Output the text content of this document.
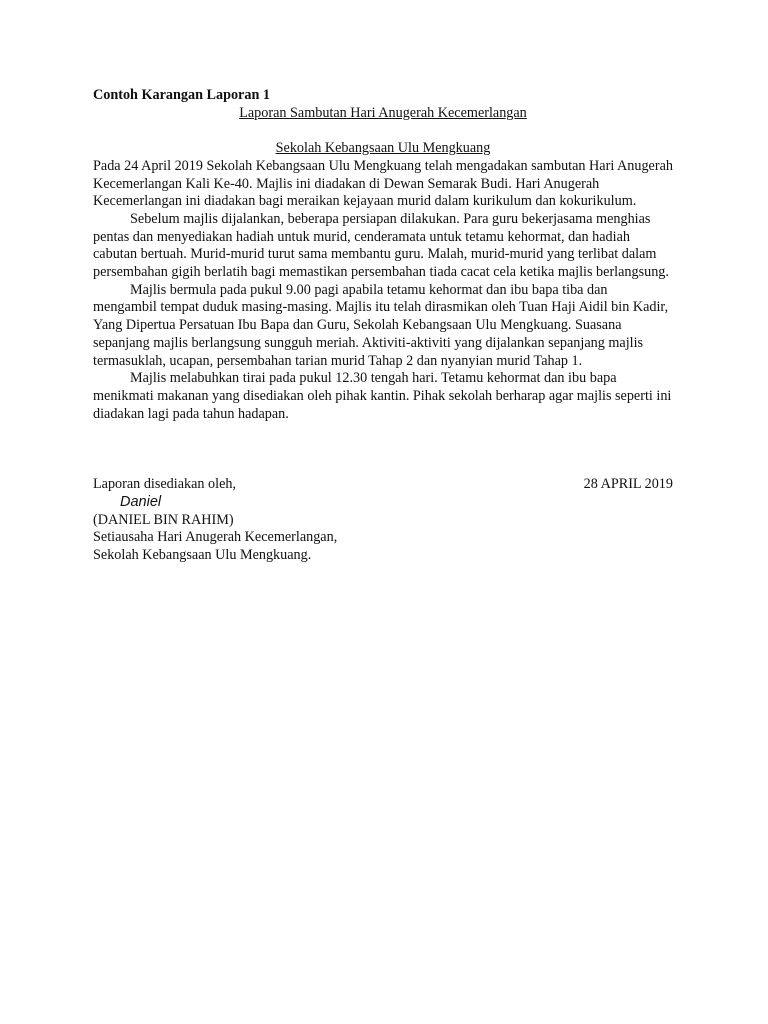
Contoh Karangan Laporan 1

Laporan Sambutan Hari Anugerah Kecemerlangan

Sekolah Kebangsaan Ulu Mengkuang

Pada 24 April 2019 Sekolah Kebangsaan Ulu Mengkuang telah mengadakan sambutan Hari Anugerah Kecemerlangan Kali Ke-40. Majlis ini diadakan di Dewan Semarak Budi. Hari Anugerah Kecemerlangan ini diadakan bagi meraikan kejayaan murid dalam kurikulum dan kokurikulum.

Sebelum majlis dijalankan, beberapa persiapan dilakukan. Para guru bekerjasama menghias pentas dan menyediakan hadiah untuk murid, cenderamata untuk tetamu kehormat, dan hadiah cabutan bertuah. Murid-murid turut sama membantu guru. Malah, murid-murid yang terlibat dalam persembahan gigih berlatih bagi memastikan persembahan tiada cacat cela ketika majlis berlangsung.

Majlis bermula pada pukul 9.00 pagi apabila tetamu kehormat dan ibu bapa tiba dan mengambil tempat duduk masing-masing. Majlis itu telah dirasmikan oleh Tuan Haji Aidil bin Kadir, Yang Dipertua Persatuan Ibu Bapa dan Guru, Sekolah Kebangsaan Ulu Mengkuang. Suasana sepanjang majlis berlangsung sungguh meriah. Aktiviti-aktiviti yang dijalankan sepanjang majlis termasuklah, ucapan, persembahan tarian murid Tahap 2 dan nyanyian murid Tahap 1.

Majlis melabuhkan tirai pada pukul 12.30 tengah hari. Tetamu kehormat dan ibu bapa menikmati makanan yang disediakan oleh pihak kantin. Pihak sekolah berharap agar majlis seperti ini diadakan lagi pada tahun hadapan.

Laporan disediakan oleh,	28 APRIL 2019

Daniel

(DANIEL BIN RAHIM)

Setiausaha Hari Anugerah Kecemerlangan,

Sekolah Kebangsaan Ulu Mengkuang.
